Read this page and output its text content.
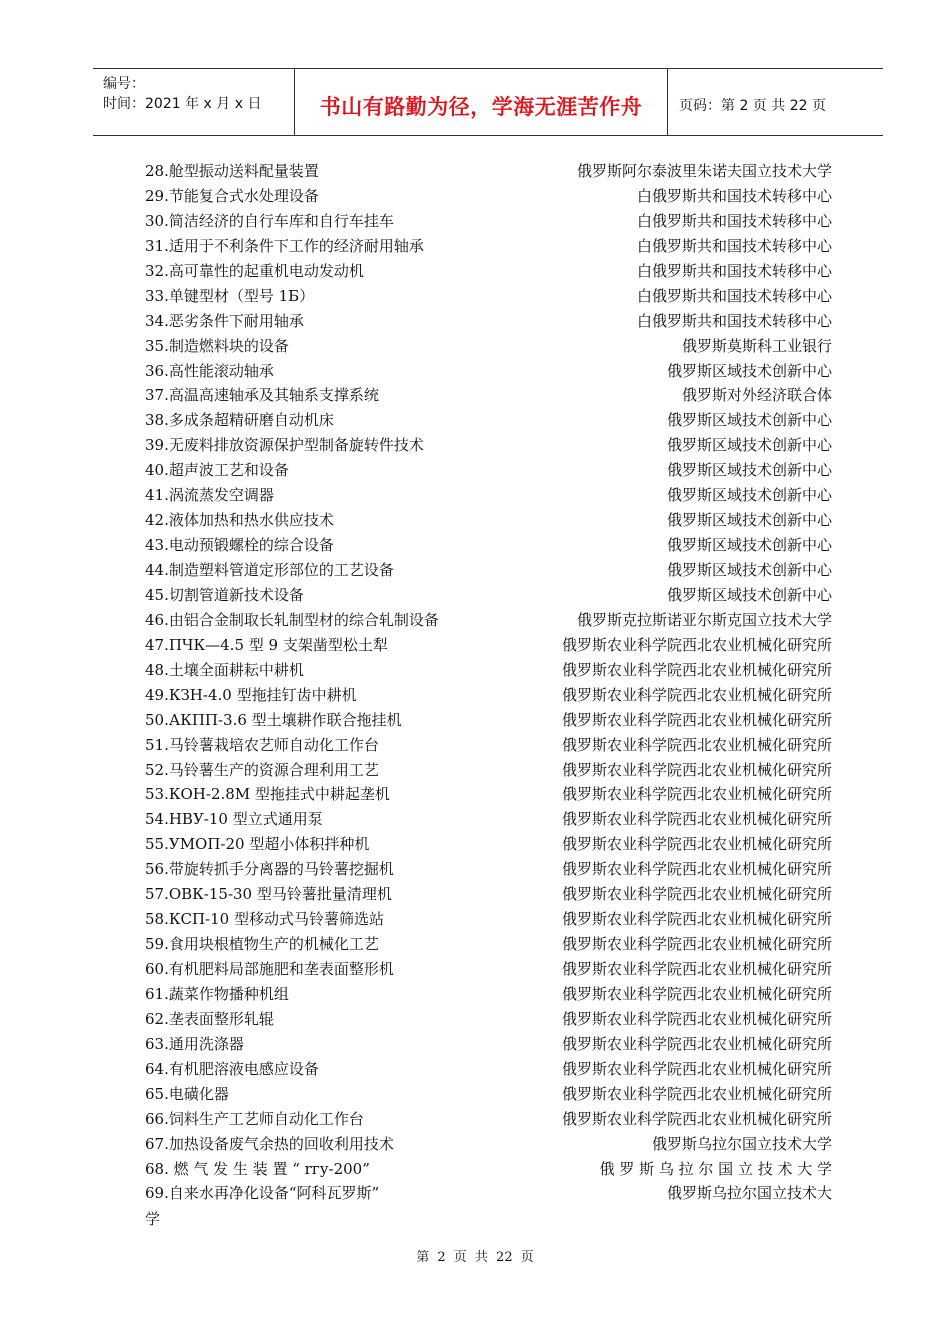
编号：
时间：2021 年 x 月 x 日	书山有路勤为径，学海无涯苦作舟	页码：第 2 页 共 22 页
28.舱型振动送料配量装置	俄罗斯阿尔泰波里朱诺夫国立技术大学
29.节能复合式水处理设备	白俄罗斯共和国技术转移中心
30.简洁经济的自行车库和自行车挂车	白俄罗斯共和国技术转移中心
31.适用于不利条件下工作的经济耐用轴承	白俄罗斯共和国技术转移中心
32.高可靠性的起重机电动发动机	白俄罗斯共和国技术转移中心
33.单键型材（型号 1Б）	白俄罗斯共和国技术转移中心
34.恶劣条件下耐用轴承	白俄罗斯共和国技术转移中心
35.制造燃料块的设备	俄罗斯莫斯科工业银行
36.高性能滚动轴承	俄罗斯区域技术创新中心
37.高温高速轴承及其轴系支撑系统	俄罗斯对外经济联合体
38.多成条超精研磨自动机床	俄罗斯区域技术创新中心
39.无废料排放资源保护型制备旋转件技术	俄罗斯区域技术创新中心
40.超声波工艺和设备	俄罗斯区域技术创新中心
41.涡流蒸发空调器	俄罗斯区域技术创新中心
42.液体加热和热水供应技术	俄罗斯区域技术创新中心
43.电动预锻螺栓的综合设备	俄罗斯区域技术创新中心
44.制造塑料管道定形部位的工艺设备	俄罗斯区域技术创新中心
45.切割管道新技术设备	俄罗斯区域技术创新中心
46.由铝合金制取长轧制型材的综合轧制设备	俄罗斯克拉斯诺亚尔斯克国立技术大学
47.ПЧК—4.5 型 9 支架凿型松土犁	俄罗斯农业科学院西北农业机械化研究所
48.土壤全面耕耘中耕机	俄罗斯农业科学院西北农业机械化研究所
49.КЗН-4.0 型拖挂钉齿中耕机	俄罗斯农业科学院西北农业机械化研究所
50.АКПП-3.6 型土壤耕作联合拖挂机	俄罗斯农业科学院西北农业机械化研究所
51.马铃薯栽培农艺师自动化工作台	俄罗斯农业科学院西北农业机械化研究所
52.马铃薯生产的资源合理利用工艺	俄罗斯农业科学院西北农业机械化研究所
53.КОН-2.8М 型拖挂式中耕起垄机	俄罗斯农业科学院西北农业机械化研究所
54.НВУ-10 型立式通用泵	俄罗斯农业科学院西北农业机械化研究所
55.УМОП-20 型超小体积拌种机	俄罗斯农业科学院西北农业机械化研究所
56.带旋转抓手分离器的马铃薯挖掘机	俄罗斯农业科学院西北农业机械化研究所
57.ОВК-15-30 型马铃薯批量清理机	俄罗斯农业科学院西北农业机械化研究所
58.КСП-10 型移动式马铃薯筛选站	俄罗斯农业科学院西北农业机械化研究所
59.食用块根植物生产的机械化工艺	俄罗斯农业科学院西北农业机械化研究所
60.有机肥料局部施肥和垄表面整形机	俄罗斯农业科学院西北农业机械化研究所
61.蔬菜作物播种机组	俄罗斯农业科学院西北农业机械化研究所
62.垄表面整形轧辊	俄罗斯农业科学院西北农业机械化研究所
63.通用洗涤器	俄罗斯农业科学院西北农业机械化研究所
64.有机肥溶液电感应设备	俄罗斯农业科学院西北农业机械化研究所
65.电磺化器	俄罗斯农业科学院西北农业机械化研究所
66.饲料生产工艺师自动化工作台	俄罗斯农业科学院西北农业机械化研究所
67.加热设备废气余热的回收利用技术	俄罗斯乌拉尔国立技术大学
68. 燃 气 发 生 装 置 “ rгу-200”	俄 罗 斯 乌 拉 尔 国 立 技 术 大 学
69.自来水再净化设备“阿科瓦罗斯”	俄罗斯乌拉尔国立技术大
学
第 2 页 共 22 页
